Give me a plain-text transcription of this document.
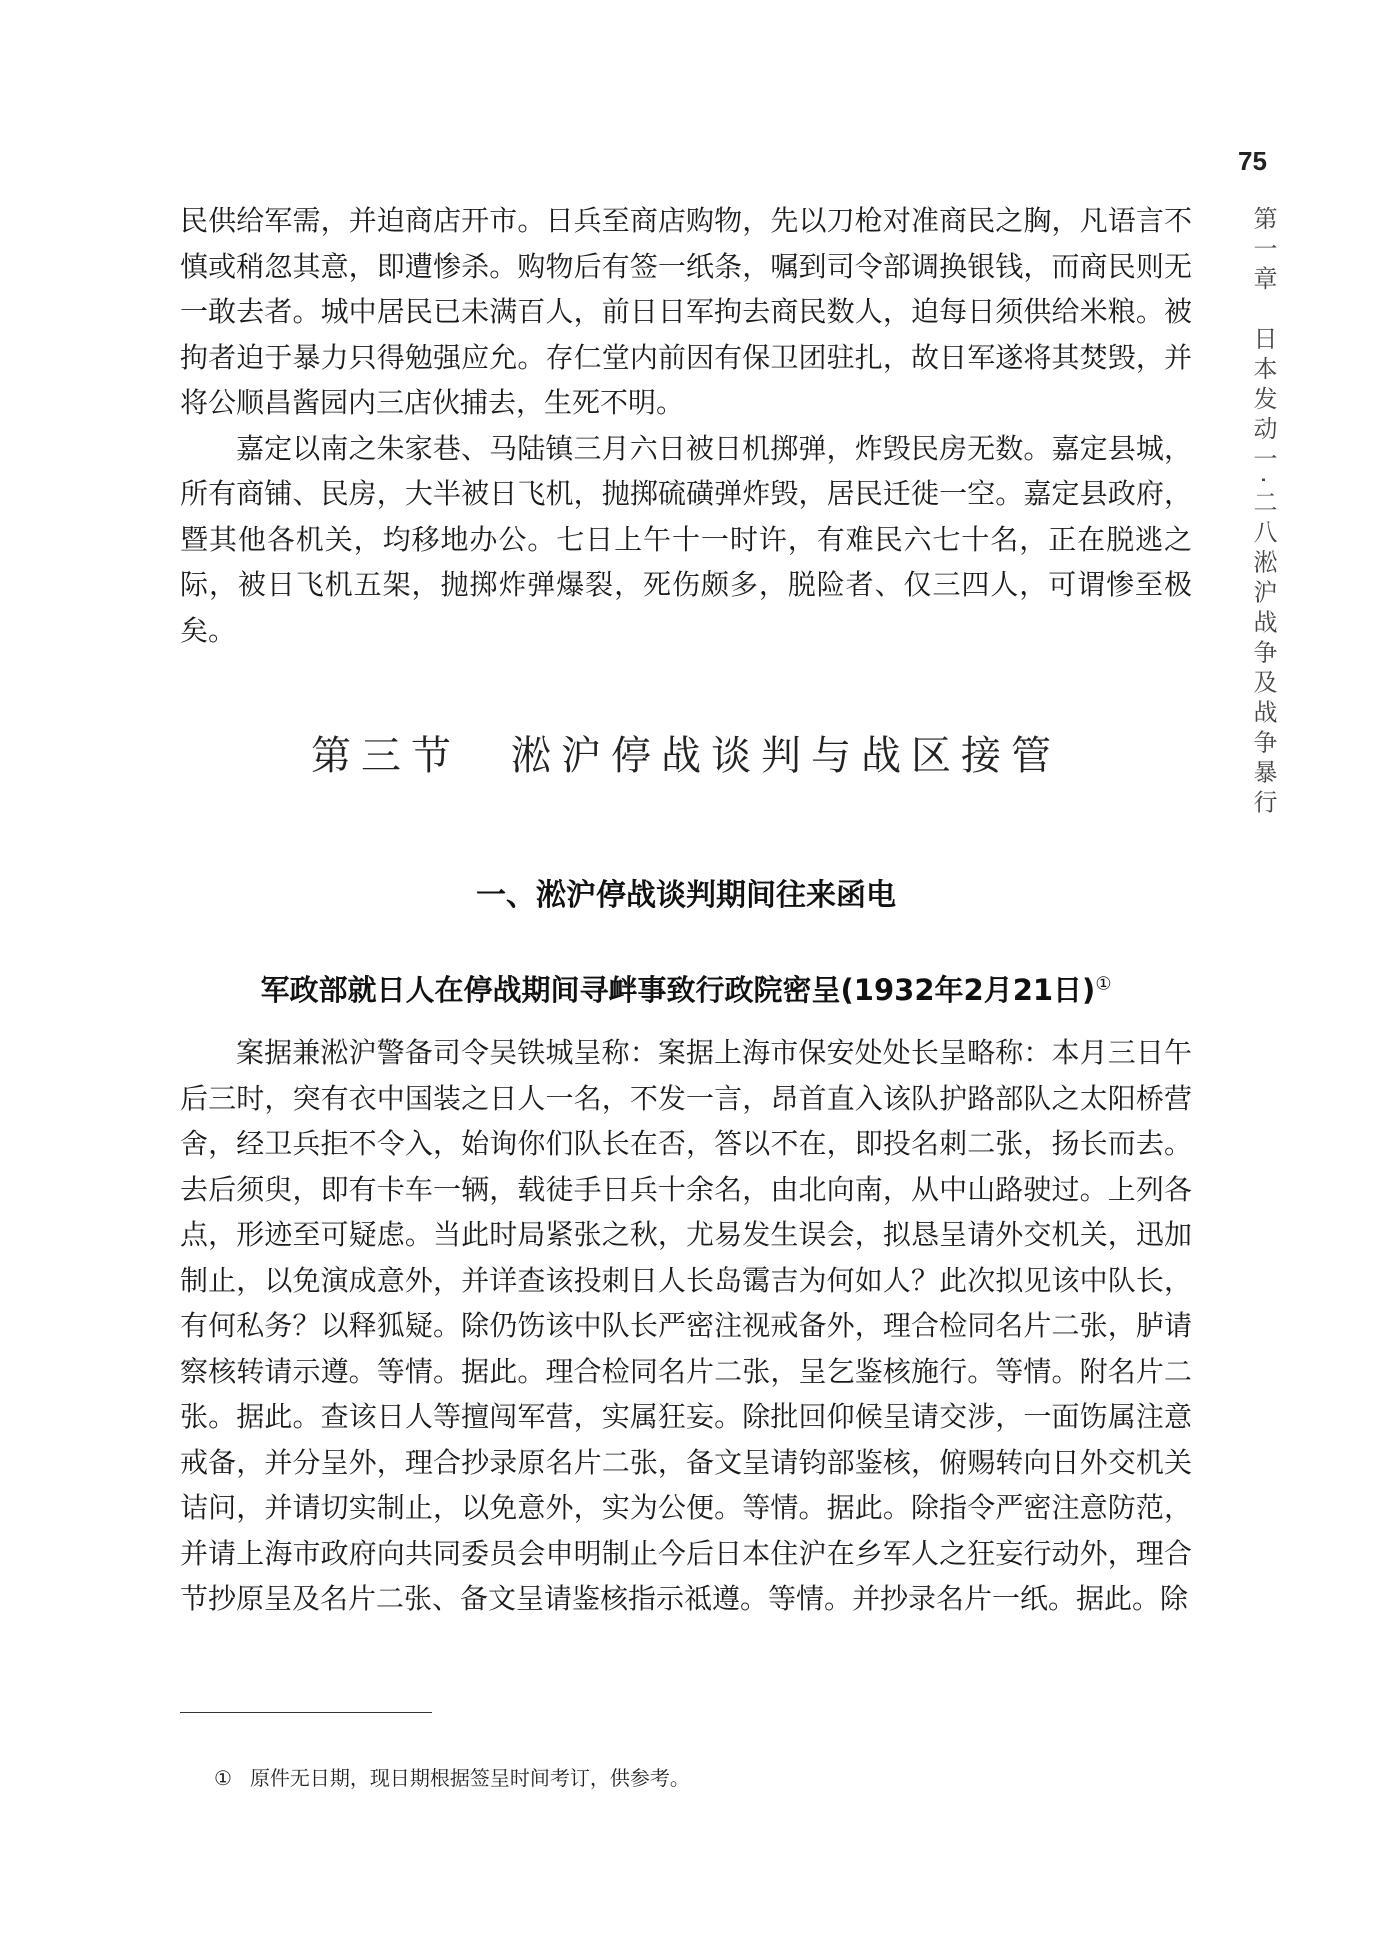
75
第一章　日本发动一·二八淞沪战争及战争暴行

民供给军需，并迫商店开市。日兵至商店购物，先以刀枪对准商民之胸，凡语言不慎或稍忽其意，即遭惨杀。购物后有签一纸条，嘱到司令部调换银钱，而商民则无一敢去者。城中居民已未满百人，前日日军拘去商民数人，迫每日须供给米粮。被拘者迫于暴力只得勉强应允。存仁堂内前因有保卫团驻扎，故日军遂将其焚毁，并将公顺昌酱园内三店伙捕去，生死不明。

嘉定以南之朱家巷、马陆镇三月六日被日机掷弹，炸毁民房无数。嘉定县城，所有商铺、民房，大半被日飞机，抛掷硫磺弹炸毁，居民迁徙一空。嘉定县政府，暨其他各机关，均移地办公。七日上午十一时许，有难民六七十名，正在脱逃之际，被日飞机五架，抛掷炸弹爆裂，死伤颇多，脱险者、仅三四人，可谓惨至极矣。

第三节　淞沪停战谈判与战区接管
一、淞沪停战谈判期间往来函电
军政部就日人在停战期间寻衅事致行政院密呈(1932年2月21日)①

案据兼淞沪警备司令吴铁城呈称：案据上海市保安处处长呈略称：本月三日午后三时，突有衣中国装之日人一名，不发一言，昂首直入该队护路部队之太阳桥营舍，经卫兵拒不令入，始询你们队长在否，答以不在，即投名刺二张，扬长而去。去后须臾，即有卡车一辆，载徒手日兵十余名，由北向南，从中山路驶过。上列各点，形迹至可疑虑。当此时局紧张之秋，尤易发生误会，拟恳呈请外交机关，迅加制止，以免演成意外，并详查该投刺日人长岛霭吉为何如人？此次拟见该中队长，有何私务？以释狐疑。除仍饬该中队长严密注视戒备外，理合检同名片二张，胪请察核转请示遵。等情。据此。理合检同名片二张，呈乞鉴核施行。等情。附名片二张。据此。查该日人等擅闯军营，实属狂妄。除批回仰候呈请交涉，一面饬属注意戒备，并分呈外，理合抄录原名片二张，备文呈请钧部鉴核，俯赐转向日外交机关诘问，并请切实制止，以免意外，实为公便。等情。据此。除指令严密注意防范，并请上海市政府向共同委员会申明制止今后日本住沪在乡军人之狂妄行动外，理合节抄原呈及名片二张、备文呈请鉴核指示祗遵。等情。并抄录名片一纸。据此。除

① 原件无日期，现日期根据签呈时间考订，供参考。
